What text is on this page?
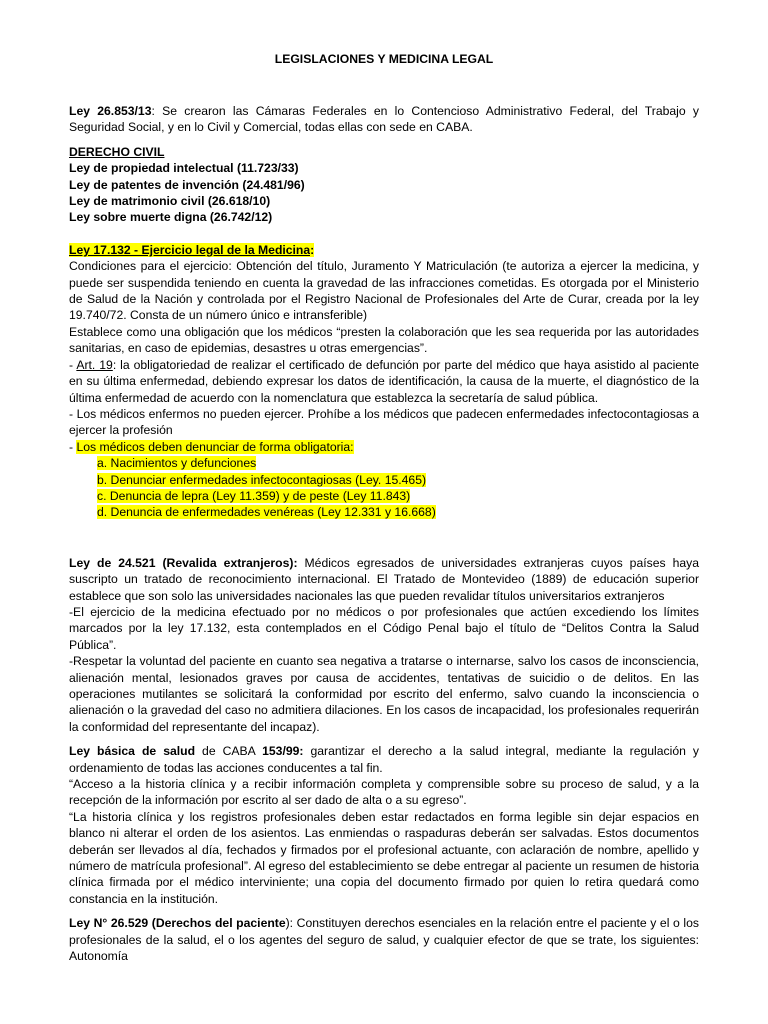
LEGISLACIONES Y MEDICINA LEGAL

Ley 26.853/13: Se crearon las Cámaras Federales en lo Contencioso Administrativo Federal, del Trabajo y Seguridad Social, y en lo Civil y Comercial, todas ellas con sede en CABA.

DERECHO CIVIL

Ley de propiedad intelectual (11.723/33)

Ley de patentes de invención (24.481/96)

Ley de matrimonio civil (26.618/10)

Ley sobre muerte digna (26.742/12)

Ley 17.132 - Ejercicio legal de la Medicina:

Condiciones para el ejercicio: Obtención del título, Juramento Y Matriculación (te autoriza a ejercer la medicina, y puede ser suspendida teniendo en cuenta la gravedad de las infracciones cometidas. Es otorgada por el Ministerio de Salud de la Nación y controlada por el Registro Nacional de Profesionales del Arte de Curar, creada por la ley 19.740/72. Consta de un número único e intransferible)

Establece como una obligación que los médicos “presten la colaboración que les sea requerida por las autoridades sanitarias, en caso de epidemias, desastres u otras emergencias”.

- Art. 19: la obligatoriedad de realizar el certificado de defunción por parte del médico que haya asistido al paciente en su última enfermedad, debiendo expresar los datos de identificación, la causa de la muerte, el diagnóstico de la última enfermedad de acuerdo con la nomenclatura que establezca la secretaría de salud pública.

- Los médicos enfermos no pueden ejercer. Prohíbe a los médicos que padecen enfermedades infectocontagiosas a ejercer la profesión

- Los médicos deben denunciar de forma obligatoria:

a. Nacimientos y defunciones

b. Denunciar enfermedades infectocontagiosas (Ley. 15.465)

c. Denuncia de lepra (Ley 11.359) y de peste (Ley 11.843)

d. Denuncia de enfermedades venéreas (Ley 12.331 y 16.668)

Ley de 24.521 (Revalida extranjeros): Médicos egresados de universidades extranjeras cuyos países haya suscripto un tratado de reconocimiento internacional. El Tratado de Montevideo (1889) de educación superior establece que son solo las universidades nacionales las que pueden revalidar títulos universitarios extranjeros

-El ejercicio de la medicina efectuado por no médicos o por profesionales que actúen excediendo los límites marcados por la ley 17.132, esta contemplados en el Código Penal bajo el título de “Delitos Contra la Salud Pública”.

-Respetar la voluntad del paciente en cuanto sea negativa a tratarse o internarse, salvo los casos de inconsciencia, alienación mental, lesionados graves por causa de accidentes, tentativas de suicidio o de delitos. En las operaciones mutilantes se solicitará la conformidad por escrito del enfermo, salvo cuando la inconsciencia o alienación o la gravedad del caso no admitiera dilaciones. En los casos de incapacidad, los profesionales requerirán la conformidad del representante del incapaz).

Ley básica de salud de CABA 153/99: garantizar el derecho a la salud integral, mediante la regulación y ordenamiento de todas las acciones conducentes a tal fin.

“Acceso a la historia clínica y a recibir información completa y comprensible sobre su proceso de salud, y a la recepción de la información por escrito al ser dado de alta o a su egreso”.

“La historia clínica y los registros profesionales deben estar redactados en forma legible sin dejar espacios en blanco ni alterar el orden de los asientos. Las enmiendas o raspaduras deberán ser salvadas. Estos documentos deberán ser llevados al día, fechados y firmados por el profesional actuante, con aclaración de nombre, apellido y número de matrícula profesional”. Al egreso del establecimiento se debe entregar al paciente un resumen de historia clínica firmada por el médico interviniente; una copia del documento firmado por quien lo retira quedará como constancia en la institución.

Ley N° 26.529 (Derechos del paciente): Constituyen derechos esenciales en la relación entre el paciente y el o los profesionales de la salud, el o los agentes del seguro de salud, y cualquier efector de que se trate, los siguientes: Autonomía
